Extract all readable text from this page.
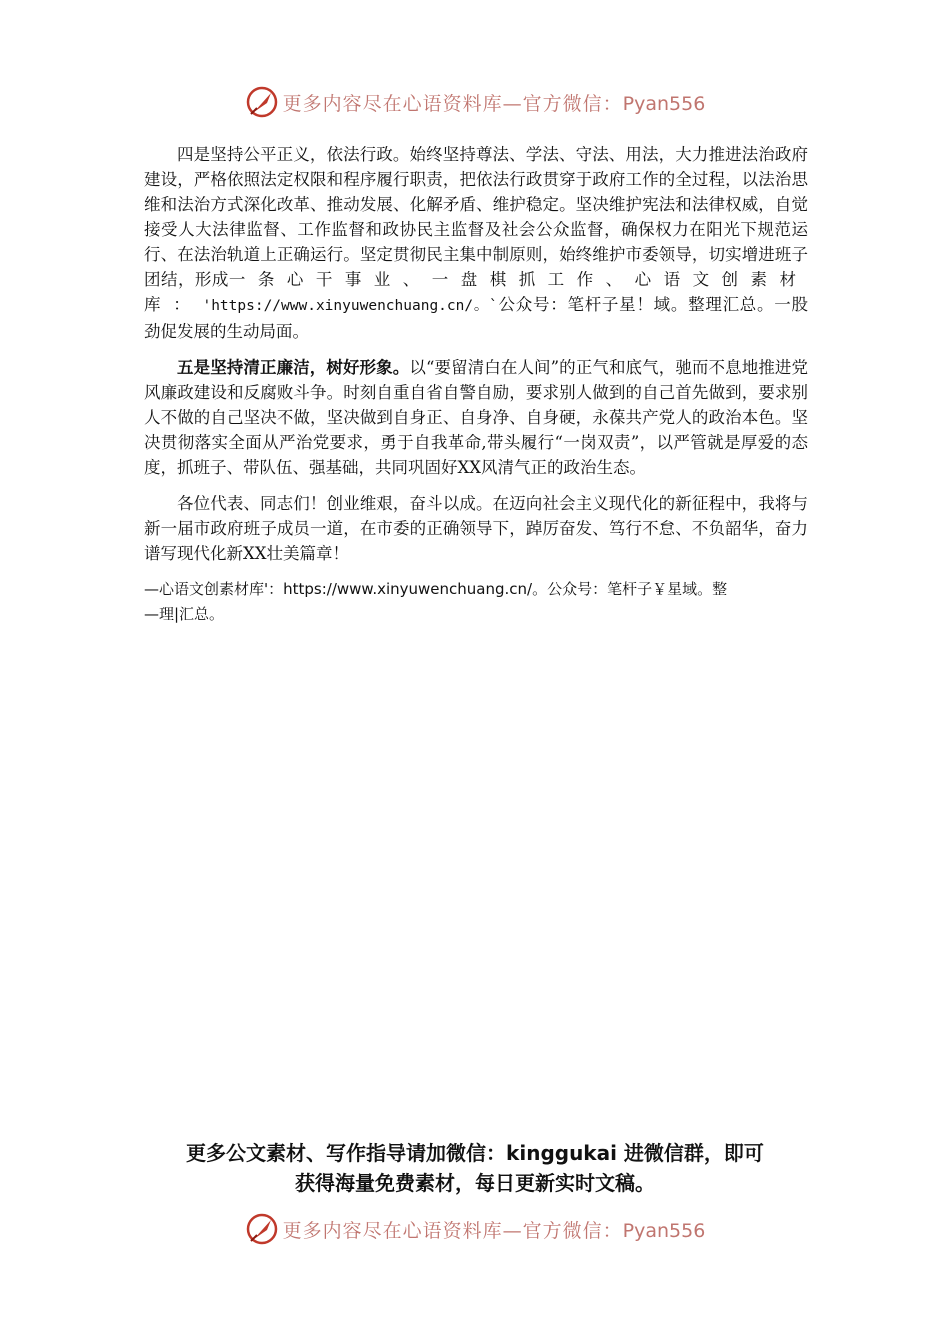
更多内容尽在心语资料库—官方微信：Pyan556

四是坚持公平正义，依法行政。始终坚持尊法、学法、守法、用法，大力推进法治政府建设，严格依照法定权限和程序履行职责，把依法行政贯穿于政府工作的全过程，以法治思维和法治方式深化改革、推动发展、化解矛盾、维护稳定。坚决维护宪法和法律权威，自觉接受人大法律监督、工作监督和政协民主监督及社会公众监督，确保权力在阳光下规范运行、在法治轨道上正确运行。坚定贯彻民主集中制原则，始终维护市委领导，切实增进班子团结，形成一条心干事业、一盘棋抓工作、心语文创素材库：'https://www.xinyuwenchuang.cn/。`公众号：笔杆子星！域。整理汇总。一股劲促发展的生动局面。

五是坚持清正廉洁，树好形象。以“要留清白在人间”的正气和底气，驰而不息地推进党风廉政建设和反腐败斗争。时刻自重自省自警自励，要求别人做到的自己首先做到，要求别人不做的自己坚决不做，坚决做到自身正、自身净、自身硬，永葆共产党人的政治本色。坚决贯彻落实全面从严治党要求，勇于自我革命,带头履行“一岗双责”，以严管就是厚爱的态度，抓班子、带队伍、强基础，共同巩固好XX风清气正的政治生态。

各位代表、同志们！创业维艰，奋斗以成。在迈向社会主义现代化的新征程中，我将与新一届市政府班子成员一道，在市委的正确领导下，踔厉奋发、笃行不怠、不负韶华，奋力谱写现代化新XX壮美篇章！

—心语文创素材库'：https://www.xinyuwenchuang.cn/。公众号：笔杆子￥星域。整

—理|汇总。

更多公文素材、写作指导请加微信：kinggukai 进微信群，即可
获得海量免费素材，每日更新实时文稿。
更多内容尽在心语资料库—官方微信：Pyan556
